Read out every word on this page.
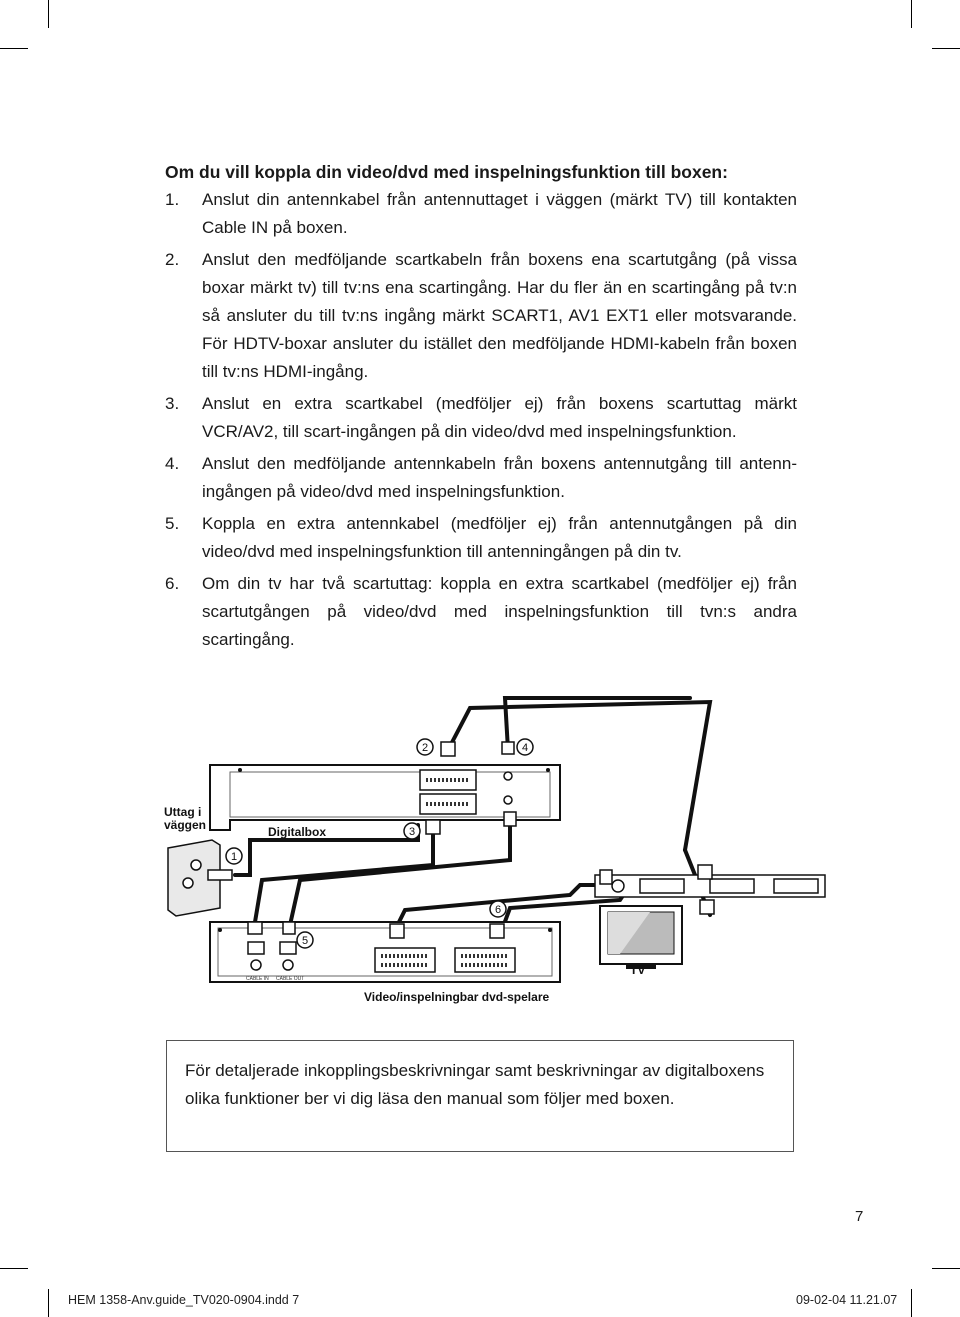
Om du vill koppla din video/dvd med inspelningsfunktion till boxen:
1. Anslut din antennkabel från antennuttaget i väggen (märkt TV) till kontakten Cable IN på boxen.
2. Anslut den medföljande scartkabeln från boxens ena scartutgång (på vissa boxar märkt tv) till tv:ns ena scartingång. Har du fler än en scartingång på tv:n så ansluter du till tv:ns ingång märkt SCART1, AV1 EXT1 eller motsvarande. För HDTV-boxar ansluter du istället den medföljande HDMI-kabeln från boxen till tv:ns HDMI-ingång.
3. Anslut en extra scartkabel (medföljer ej) från boxens scartuttag märkt VCR/AV2, till scart-ingången på din video/dvd med inspelningsfunktion.
4. Anslut den medföljande antennkabeln från boxens antennutgång till antenningången på video/dvd med inspelningsfunktion.
5. Koppla en extra antennkabel (medföljer ej) från antennutgången på din video/dvd med inspelningsfunktion till antenningången på din tv.
6. Om din tv har två scartuttag: koppla en extra scartkabel (medföljer ej) från scartutgången på video/dvd med inspelningsfunktion till tvn:s andra scartingång.
Digitalbox
Uttag i
väggen
CABLE IN CABLE OUT
Video/inspelningbar dvd-spelare
TV
2	4
3
1
6
5
För detaljerade inkopplingsbeskrivningar samt beskrivningar av digitalboxens olika funktioner ber vi dig läsa den manual som följer med boxen.
7
HEM 1358-Anv.guide_TV020-0904.indd 7	09-02-04 11.21.07
